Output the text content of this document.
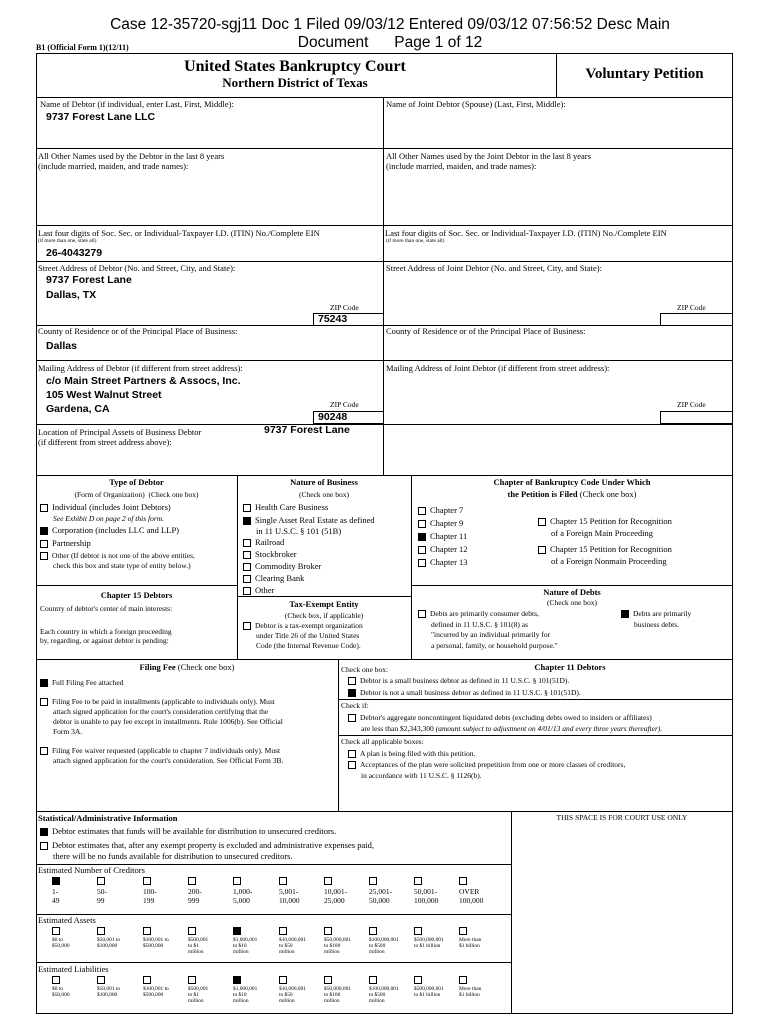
Case 12-35720-sgj11 Doc 1 Filed 09/03/12 Entered 09/03/12 07:56:52 Desc Main
Document      Page 1 of 12
B1 (Official Form 1)(12/11)
United States Bankruptcy Court
Northern District of Texas
Voluntary Petition
Name of Debtor (if individual, enter Last, First, Middle):
9737 Forest Lane LLC
Name of Joint Debtor (Spouse) (Last, First, Middle):
All Other Names used by the Debtor in the last 8 years
(include married, maiden, and trade names):
All Other Names used by the Joint Debtor in the last 8 years
(include married, maiden, and trade names):
Last four digits of Soc. Sec. or Individual-Taxpayer I.D. (ITIN) No./Complete EIN
(if more than one, state all)
26-4043279
Last four digits of Soc. Sec. or Individual-Taxpayer I.D. (ITIN) No./Complete EIN
(if more than one, state all)
Street Address of Debtor (No. and Street, City, and State):
9737 Forest Lane
Dallas, TX
ZIP Code
75243
Street Address of Joint Debtor (No. and Street, City, and State):
ZIP Code
County of Residence or of the Principal Place of Business:
Dallas
County of Residence or of the Principal Place of Business:
Mailing Address of Debtor (if different from street address):
c/o Main Street Partners & Assocs, Inc.
105 West Walnut Street
Gardena, CA	ZIP Code
90248
Mailing Address of Joint Debtor (if different from street address):
ZIP Code
Location of Principal Assets of Business Debtor
(if different from street address above):
9737 Forest Lane
Type of Debtor
(Form of Organization)  (Check one box)
Individual (includes Joint Debtors)
See Exhibit D on page 2 of this form.
Corporation (includes LLC and LLP)
Partnership
Other (If debtor is not one of the above entities,
check this box and state type of entity below.)
Nature of Business
(Check one box)
Health Care Business
Single Asset Real Estate as defined
in 11 U.S.C. § 101 (51B)
Railroad
Stockbroker
Commodity Broker
Clearing Bank
Other
Chapter of Bankruptcy Code Under Which
the Petition is Filed (Check one box)
Chapter 7
Chapter 9
Chapter 11
Chapter 12
Chapter 13
Chapter 15 Petition for Recognition
of a Foreign Main Proceeding
Chapter 15 Petition for Recognition
of a Foreign Nonmain Proceeding
Chapter 15 Debtors
Country of debtor's center of main interests:
Each country in which a foreign proceeding
by, regarding, or against debtor is pending:
Tax-Exempt Entity
(Check box, if applicable)
Debtor is a tax-exempt organization
under Title 26 of the United States
Code (the Internal Revenue Code).
Nature of Debts
(Check one box)
Debts are primarily consumer debts,
defined in 11 U.S.C. § 101(8) as
"incurred by an individual primarily for
a personal, family, or household purpose."
Debts are primarily
business debts.
Filing Fee (Check one box)
Full Filing Fee attached
Filing Fee to be paid in installments (applicable to individuals only). Must
attach signed application for the court's consideration certifying that the
debtor is unable to pay fee except in installments. Rule 1006(b). See Official
Form 3A.
Filing Fee waiver requested (applicable to chapter 7 individuals only). Must
attach signed application for the court's consideration. See Official Form 3B.
Check one box:	Chapter 11 Debtors
Debtor is a small business debtor as defined in 11 U.S.C. § 101(51D).
Debtor is not a small business debtor as defined in 11 U.S.C. § 101(51D).
Check if:
Debtor's aggregate noncontingent liquidated debts (excluding debts owed to insiders or affiliates)
are less than $2,343,300 (amount subject to adjustment on 4/01/13 and every three years thereafter).
Check all applicable boxes:
A plan is being filed with this petition.
Acceptances of the plan were solicited prepetition from one or more classes of creditors,
in accordance with 11 U.S.C. § 1126(b).
Statistical/Administrative Information	THIS SPACE IS FOR COURT USE ONLY
Debtor estimates that funds will be available for distribution to unsecured creditors.
Debtor estimates that, after any exempt property is excluded and administrative expenses paid,
there will be no funds available for distribution to unsecured creditors.
Estimated Number of Creditors
1-
49
50-
99
100-
199
200-
999
1,000-
5,000
5,001-
10,000
10,001-
25,000
25,001-
50,000
50,001-
100,000
OVER
100,000
Estimated Assets
$0 to
$50,000
$50,001 to
$100,000
$100,001 to
$500,000
$500,001
to $1
million
$1,000,001
to $10
million
$10,000,001
to $50
million
$50,000,001
to $100
million
$100,000,001
to $500
million
$500,000,001
to $1 billion
More than
$1 billion
Estimated Liabilities
$0 to
$50,000
$50,001 to
$100,000
$100,001 to
$500,000
$500,001
to $1
million
$1,000,001
to $10
million
$10,000,001
to $50
million
$50,000,001
to $100
million
$100,000,001
to $500
million
$500,000,001
to $1 billion
More than
$1 billion
